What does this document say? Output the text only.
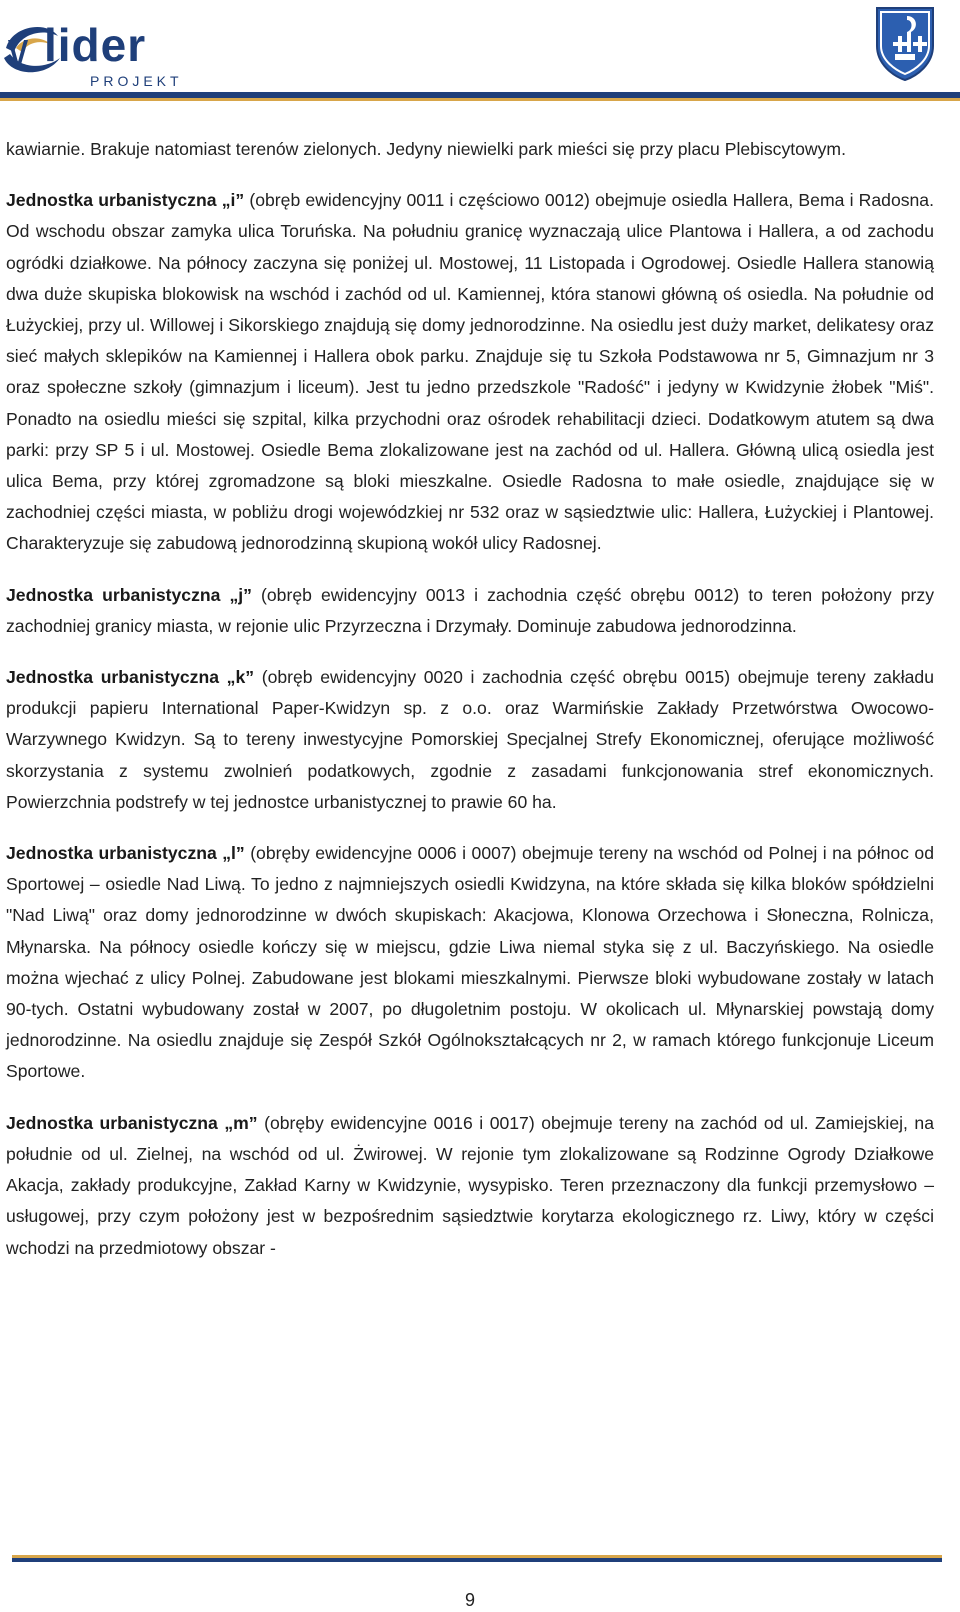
lider
PROJEKT

kawiarnie. Brakuje natomiast terenów zielonych. Jedyny niewielki park mieści się przy placu Plebiscytowym.

Jednostka urbanistyczna „i” (obręb ewidencyjny 0011 i częściowo 0012) obejmuje osiedla Hallera, Bema i Radosna. Od wschodu obszar zamyka ulica Toruńska. Na południu granicę wyznaczają ulice Plantowa i Hallera, a od zachodu ogródki działkowe. Na północy zaczyna się poniżej ul. Mostowej, 11 Listopada i Ogrodowej. Osiedle Hallera stanowią dwa duże skupiska blokowisk na wschód i zachód od ul. Kamiennej, która stanowi główną oś osiedla. Na południe od Łużyckiej, przy ul. Willowej i Sikorskiego znajdują się domy jednorodzinne. Na osiedlu jest duży market, delikatesy oraz sieć małych sklepików na Kamiennej i Hallera obok parku. Znajduje się tu Szkoła Podstawowa nr 5, Gimnazjum nr 3 oraz społeczne szkoły (gimnazjum i liceum). Jest tu jedno przedszkole "Radość" i jedyny w Kwidzynie żłobek "Miś". Ponadto na osiedlu mieści się szpital, kilka przychodni oraz ośrodek rehabilitacji dzieci. Dodatkowym atutem są dwa parki: przy SP 5 i ul. Mostowej. Osiedle Bema zlokalizowane jest na zachód od ul. Hallera. Główną ulicą osiedla jest ulica Bema, przy której zgromadzone są bloki mieszkalne. Osiedle Radosna to małe osiedle, znajdujące się w zachodniej części miasta, w pobliżu drogi wojewódzkiej nr 532 oraz w sąsiedztwie ulic: Hallera, Łużyckiej i Plantowej. Charakteryzuje się zabudową jednorodzinną skupioną wokół ulicy Radosnej.

Jednostka urbanistyczna „j” (obręb ewidencyjny 0013 i zachodnia część obrębu 0012) to teren położony przy zachodniej granicy miasta, w rejonie ulic Przyrzeczna i Drzymały. Dominuje zabudowa jednorodzinna.

Jednostka urbanistyczna „k” (obręb ewidencyjny 0020 i zachodnia część obrębu 0015) obejmuje tereny zakładu produkcji papieru International Paper-Kwidzyn sp. z o.o. oraz Warmińskie Zakłady Przetwórstwa Owocowo-Warzywnego Kwidzyn. Są to tereny inwestycyjne Pomorskiej Specjalnej Strefy Ekonomicznej, oferujące możliwość skorzystania z systemu zwolnień podatkowych, zgodnie z zasadami funkcjonowania stref ekonomicznych. Powierzchnia podstrefy w tej jednostce urbanistycznej to prawie 60 ha.

Jednostka urbanistyczna „l” (obręby ewidencyjne 0006 i 0007) obejmuje tereny na wschód od Polnej i na północ od Sportowej – osiedle Nad Liwą. To jedno z najmniejszych osiedli Kwidzyna, na które składa się kilka bloków spółdzielni "Nad Liwą" oraz domy jednorodzinne w dwóch skupiskach: Akacjowa, Klonowa Orzechowa i Słoneczna, Rolnicza, Młynarska. Na północy osiedle kończy się w miejscu, gdzie Liwa niemal styka się z ul. Baczyńskiego. Na osiedle można wjechać z ulicy Polnej. Zabudowane jest blokami mieszkalnymi. Pierwsze bloki wybudowane zostały w latach 90-tych. Ostatni wybudowany został w 2007, po długoletnim postoju. W okolicach ul. Młynarskiej powstają domy jednorodzinne. Na osiedlu znajduje się Zespół Szkół Ogólnokształcących nr 2, w ramach którego funkcjonuje Liceum Sportowe.

Jednostka urbanistyczna „m” (obręby ewidencyjne 0016 i 0017) obejmuje tereny na zachód od ul. Zamiejskiej, na południe od ul. Zielnej, na wschód od ul. Żwirowej. W rejonie tym zlokalizowane są Rodzinne Ogrody Działkowe Akacja, zakłady produkcyjne, Zakład Karny w Kwidzynie, wysypisko. Teren przeznaczony dla funkcji przemysłowo – usługowej, przy czym położony jest w bezpośrednim sąsiedztwie korytarza ekologicznego rz. Liwy, który w części wchodzi na przedmiotowy obszar -

9
